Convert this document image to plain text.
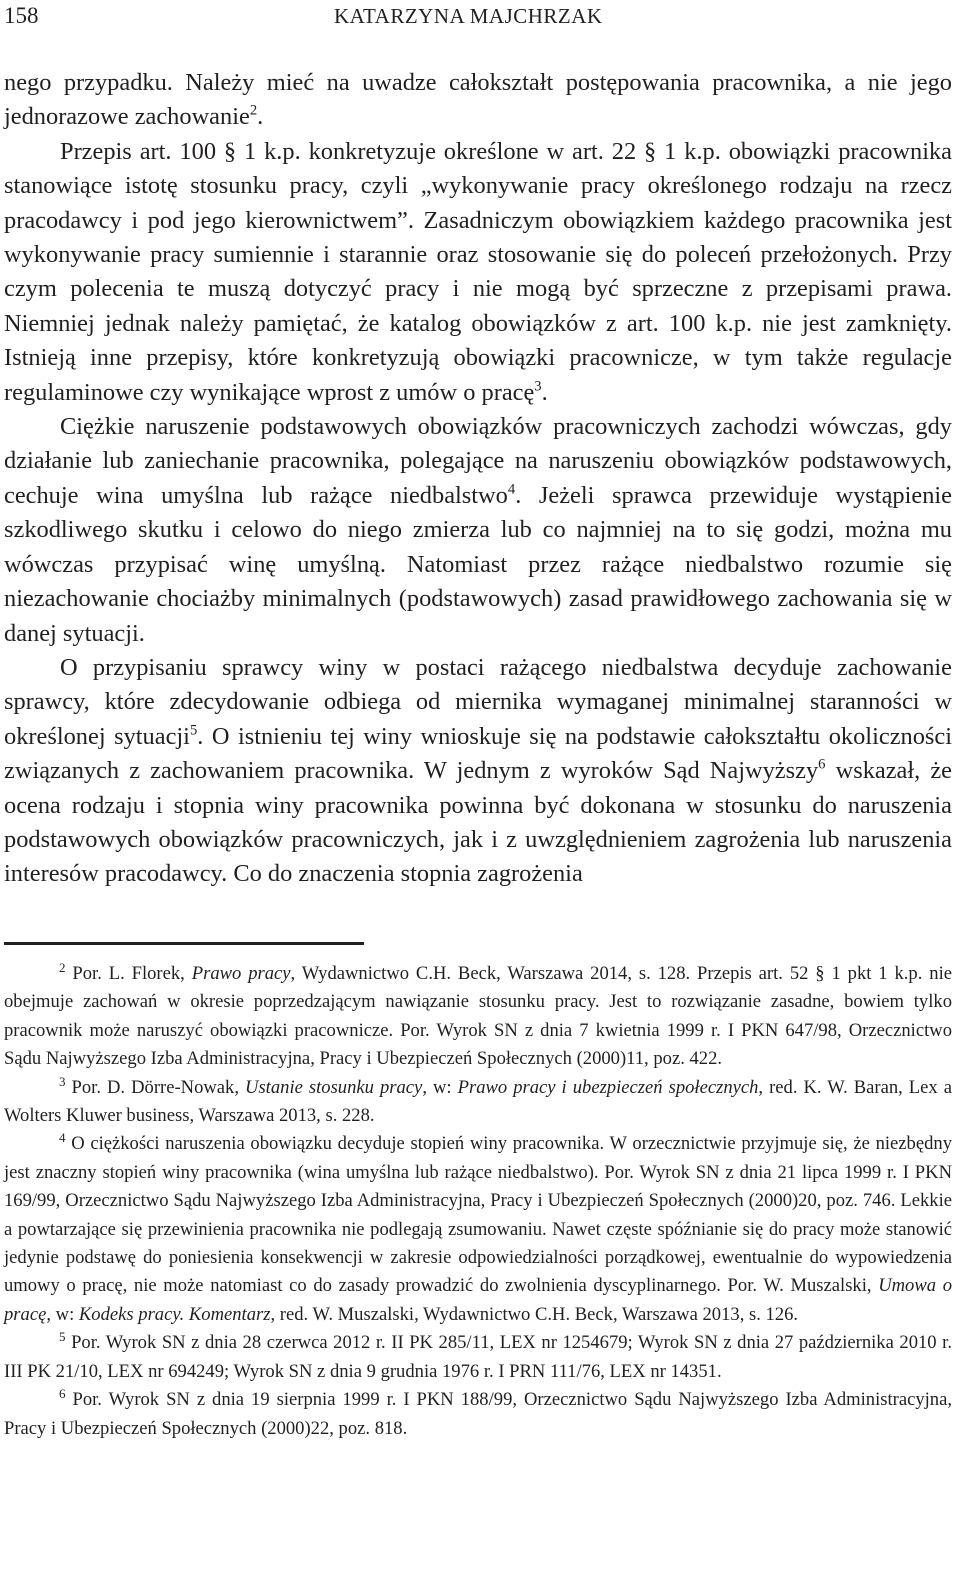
158	KATARZYNA MAJCHRZAK

nego przypadku. Należy mieć na uwadze całokształt postępowania pracownika, a nie jego jednorazowe zachowanie$^2$.

Przepis art. 100 § 1 k.p. konkretyzuje określone w art. 22 § 1 k.p. obowiązki pracownika stanowiące istotę stosunku pracy, czyli „wykonywanie pracy określonego rodzaju na rzecz pracodawcy i pod jego kierownictwem”. Zasadniczym obowiązkiem każdego pracownika jest wykonywanie pracy sumiennie i starannie oraz stosowanie się do poleceń przełożonych. Przy czym polecenia te muszą dotyczyć pracy i nie mogą być sprzeczne z przepisami prawa. Niemniej jednak należy pamiętać, że katalog obowiązków z art. 100 k.p. nie jest zamknięty. Istnieją inne przepisy, które konkretyzują obowiązki pracownicze, w tym także regulacje regulaminowe czy wynikające wprost z umów o pracę$^3$.

Ciężkie naruszenie podstawowych obowiązków pracowniczych zachodzi wówczas, gdy działanie lub zaniechanie pracownika, polegające na naruszeniu obowiązków podstawowych, cechuje wina umyślna lub rażące niedbalstwo$^4$. Jeżeli sprawca przewiduje wystąpienie szkodliwego skutku i celowo do niego zmierza lub co najmniej na to się godzi, można mu wówczas przypisać winę umyślną. Natomiast przez rażące niedbalstwo rozumie się niezachowanie chociażby minimalnych (podstawowych) zasad prawidłowego zachowania się w danej sytuacji.

O przypisaniu sprawcy winy w postaci rażącego niedbalstwa decyduje zachowanie sprawcy, które zdecydowanie odbiega od miernika wymaganej minimalnej staranności w określonej sytuacji$^5$. O istnieniu tej winy wnioskuje się na podstawie całokształtu okoliczności związanych z zachowaniem pracownika. W jednym z wyroków Sąd Najwyższy$^6$ wskazał, że ocena rodzaju i stopnia winy pracownika powinna być dokonana w stosunku do naruszenia podstawowych obowiązków pracowniczych, jak i z uwzględnieniem zagrożenia lub naruszenia interesów pracodawcy. Co do znaczenia stopnia zagrożenia

$^2$ Por. L. Florek, Prawo pracy, Wydawnictwo C.H. Beck, Warszawa 2014, s. 128. Przepis art. 52 § 1 pkt 1 k.p. nie obejmuje zachowań w okresie poprzedzającym nawiązanie stosunku pracy. Jest to rozwiązanie zasadne, bowiem tylko pracownik może naruszyć obowiązki pracownicze. Por. Wyrok SN z dnia 7 kwietnia 1999 r. I PKN 647/98, Orzecznictwo Sądu Najwyższego Izba Administracyjna, Pracy i Ubezpieczeń Społecznych (2000)11, poz. 422.

$^3$ Por. D. Dörre-Nowak, Ustanie stosunku pracy, w: Prawo pracy i ubezpieczeń społecznych, red. K. W. Baran, Lex a Wolters Kluwer business, Warszawa 2013, s. 228.

$^4$ O ciężkości naruszenia obowiązku decyduje stopień winy pracownika. W orzecznictwie przyjmuje się, że niezbędny jest znaczny stopień winy pracownika (wina umyślna lub rażące niedbalstwo). Por. Wyrok SN z dnia 21 lipca 1999 r. I PKN 169/99, Orzecznictwo Sądu Najwyższego Izba Administracyjna, Pracy i Ubezpieczeń Społecznych (2000)20, poz. 746. Lekkie a powtarzające się przewinienia pracownika nie podlegają zsumowaniu. Nawet częste spóźnianie się do pracy może stanowić jedynie podstawę do poniesienia konsekwencji w zakresie odpowiedzialności porządkowej, ewentualnie do wypowiedzenia umowy o pracę, nie może natomiast co do zasady prowadzić do zwolnienia dyscyplinarnego. Por. W. Muszalski, Umowa o pracę, w: Kodeks pracy. Komentarz, red. W. Muszalski, Wydawnictwo C.H. Beck, Warszawa 2013, s. 126.

$^5$ Por. Wyrok SN z dnia 28 czerwca 2012 r. II PK 285/11, LEX nr 1254679; Wyrok SN z dnia 27 października 2010 r. III PK 21/10, LEX nr 694249; Wyrok SN z dnia 9 grudnia 1976 r. I PRN 111/76, LEX nr 14351.

$^6$ Por. Wyrok SN z dnia 19 sierpnia 1999 r. I PKN 188/99, Orzecznictwo Sądu Najwyższego Izba Administracyjna, Pracy i Ubezpieczeń Społecznych (2000)22, poz. 818.
